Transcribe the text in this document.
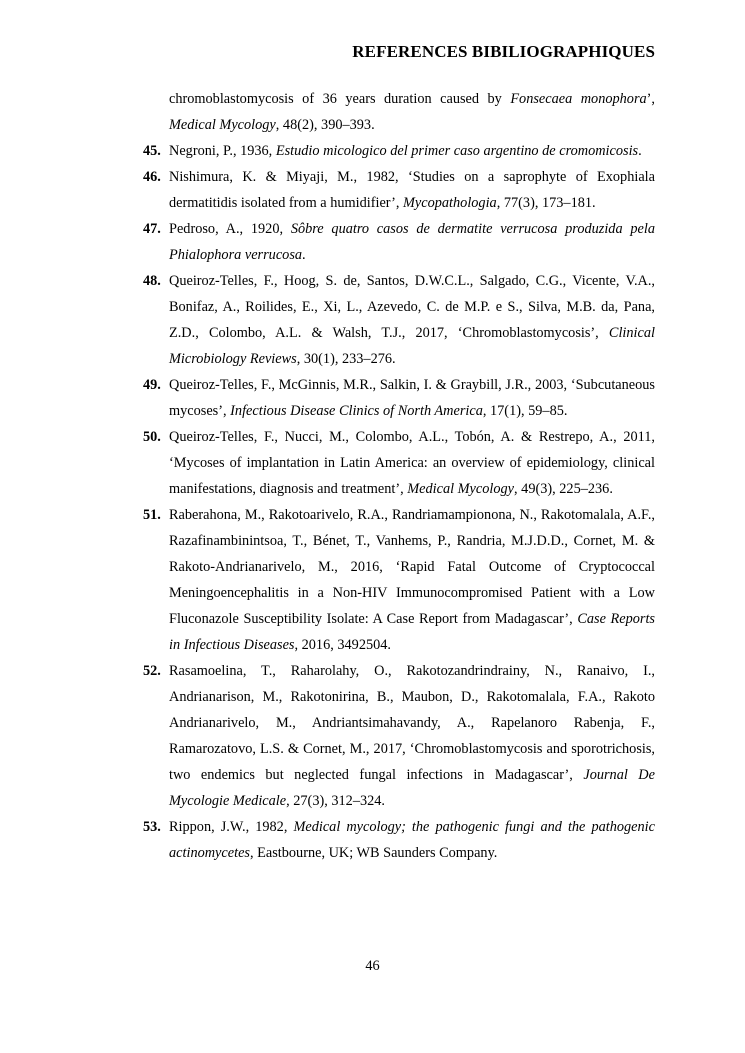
REFERENCES BIBILIOGRAPHIQUES
chromoblastomycosis of 36 years duration caused by Fonsecaea monophora’, Medical Mycology, 48(2), 390–393.
45. Negroni, P., 1936, Estudio micologico del primer caso argentino de cromomicosis.
46. Nishimura, K. & Miyaji, M., 1982, ‘Studies on a saprophyte of Exophiala dermatitidis isolated from a humidifier’, Mycopathologia, 77(3), 173–181.
47. Pedroso, A., 1920, Sôbre quatro casos de dermatite verrucosa produzida pela Phialophora verrucosa.
48. Queiroz-Telles, F., Hoog, S. de, Santos, D.W.C.L., Salgado, C.G., Vicente, V.A., Bonifaz, A., Roilides, E., Xi, L., Azevedo, C. de M.P. e S., Silva, M.B. da, Pana, Z.D., Colombo, A.L. & Walsh, T.J., 2017, ‘Chromoblastomycosis’, Clinical Microbiology Reviews, 30(1), 233–276.
49. Queiroz-Telles, F., McGinnis, M.R., Salkin, I. & Graybill, J.R., 2003, ‘Subcutaneous mycoses’, Infectious Disease Clinics of North America, 17(1), 59–85.
50. Queiroz-Telles, F., Nucci, M., Colombo, A.L., Tobón, A. & Restrepo, A., 2011, ‘Mycoses of implantation in Latin America: an overview of epidemiology, clinical manifestations, diagnosis and treatment’, Medical Mycology, 49(3), 225–236.
51. Raberahona, M., Rakotoarivelo, R.A., Randriamampionona, N., Rakotomalala, A.F., Razafinambinintsoa, T., Bénet, T., Vanhems, P., Randria, M.J.D.D., Cornet, M. & Rakoto-Andrianarivelo, M., 2016, ‘Rapid Fatal Outcome of Cryptococcal Meningoencephalitis in a Non-HIV Immunocompromised Patient with a Low Fluconazole Susceptibility Isolate: A Case Report from Madagascar’, Case Reports in Infectious Diseases, 2016, 3492504.
52. Rasamoelina, T., Raharolahy, O., Rakotozandrindrainy, N., Ranaivo, I., Andrianarison, M., Rakotonirina, B., Maubon, D., Rakotomalala, F.A., Rakoto Andrianarivelo, M., Andriantsimahavandy, A., Rapelanoro Rabenja, F., Ramarozatovo, L.S. & Cornet, M., 2017, ‘Chromoblastomycosis and sporotrichosis, two endemics but neglected fungal infections in Madagascar’, Journal De Mycologie Medicale, 27(3), 312–324.
53. Rippon, J.W., 1982, Medical mycology; the pathogenic fungi and the pathogenic actinomycetes, Eastbourne, UK; WB Saunders Company.
46
